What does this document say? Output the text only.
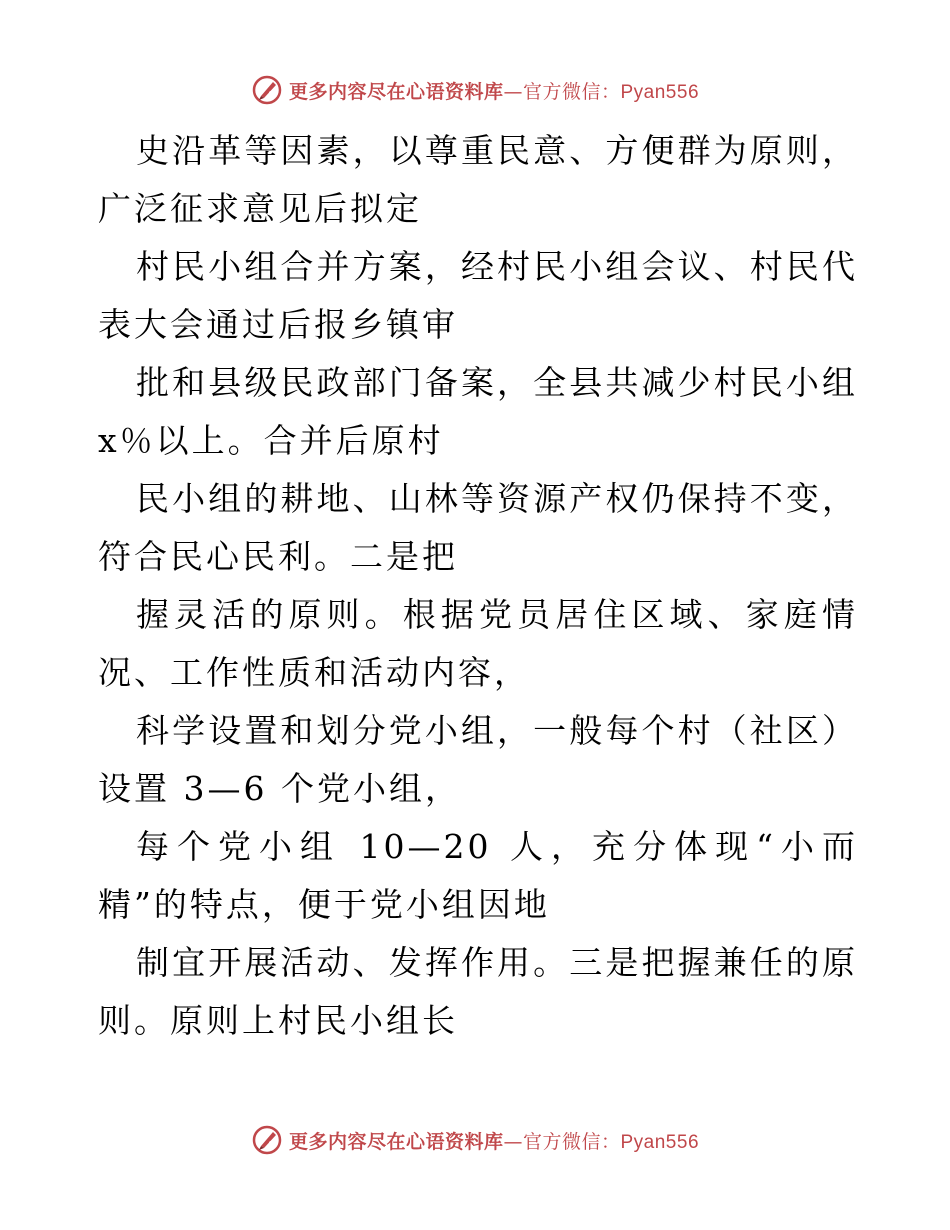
更多内容尽在心语资料库—官方微信：Pyan556

史沿革等因素，以尊重民意、方便群为原则，广泛征求意见后拟定

村民小组合并方案，经村民小组会议、村民代表大会通过后报乡镇审

批和县级民政部门备案，全县共减少村民小组x％以上。合并后原村

民小组的耕地、山林等资源产权仍保持不变，符合民心民利。二是把

握灵活的原则。根据党员居住区域、家庭情况、工作性质和活动内容，

科学设置和划分党小组，一般每个村（社区）设置 3—6 个党小组，

每个党小组 10—20 人，充分体现“小而精”的特点，便于党小组因地

制宜开展活动、发挥作用。三是把握兼任的原则。原则上村民小组长

更多内容尽在心语资料库—官方微信：Pyan556
